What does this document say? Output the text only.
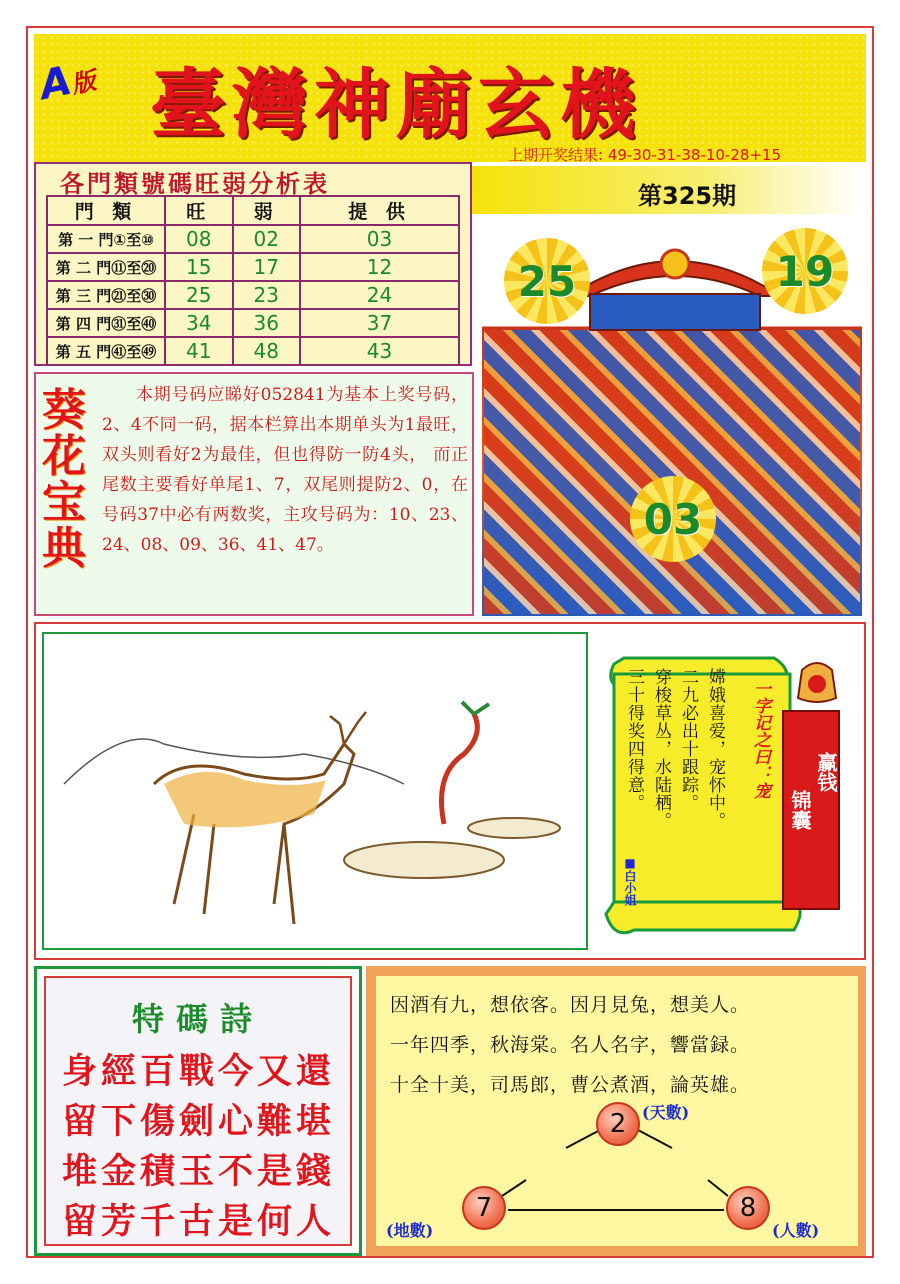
A版 臺灣神廟玄機
上期开奖结果: 49-30-31-38-10-28+15
第325期
各門類號碼旺弱分析表
門 類	旺	弱	提 供
第 一 門①至⑩	08	02	03
第 二 門⑪至⑳	15	17	12
第 三 門㉑至㉚	25	23	24
第 四 門㉛至㊵	34	36	37
第 五 門㊶至㊾	41	48	43
葵花宝典
本期号码应睇好052841为基本上奖号码，2、4不同一码，据本栏算出本期单头为1最旺，双头则看好2为最佳，但也得防一防4头， 而正尾数主要看好单尾1、7，双尾则提防2、0，在号码37中必有两数奖，主攻号码为：10、23、24、08、09、36、41、47。
25	19
03
嫦娥喜爱，宠怀中。
二九必出十跟踪。
穿梭草丛，水陆栖。
三十得奖四得意。	一字记之曰：宠
■白小姐
赢钱
锦囊
特碼詩
身經百戰今又還
留下傷劍心難堪
堆金積玉不是錢
留芳千古是何人
因酒有九，想依客。因月見兔，想美人。
一年四季，秋海棠。名人名字，響當録。
十全十美，司馬郎，曹公煮酒，論英雄。
2 (天數)
7
(地數)
8
(人數)
